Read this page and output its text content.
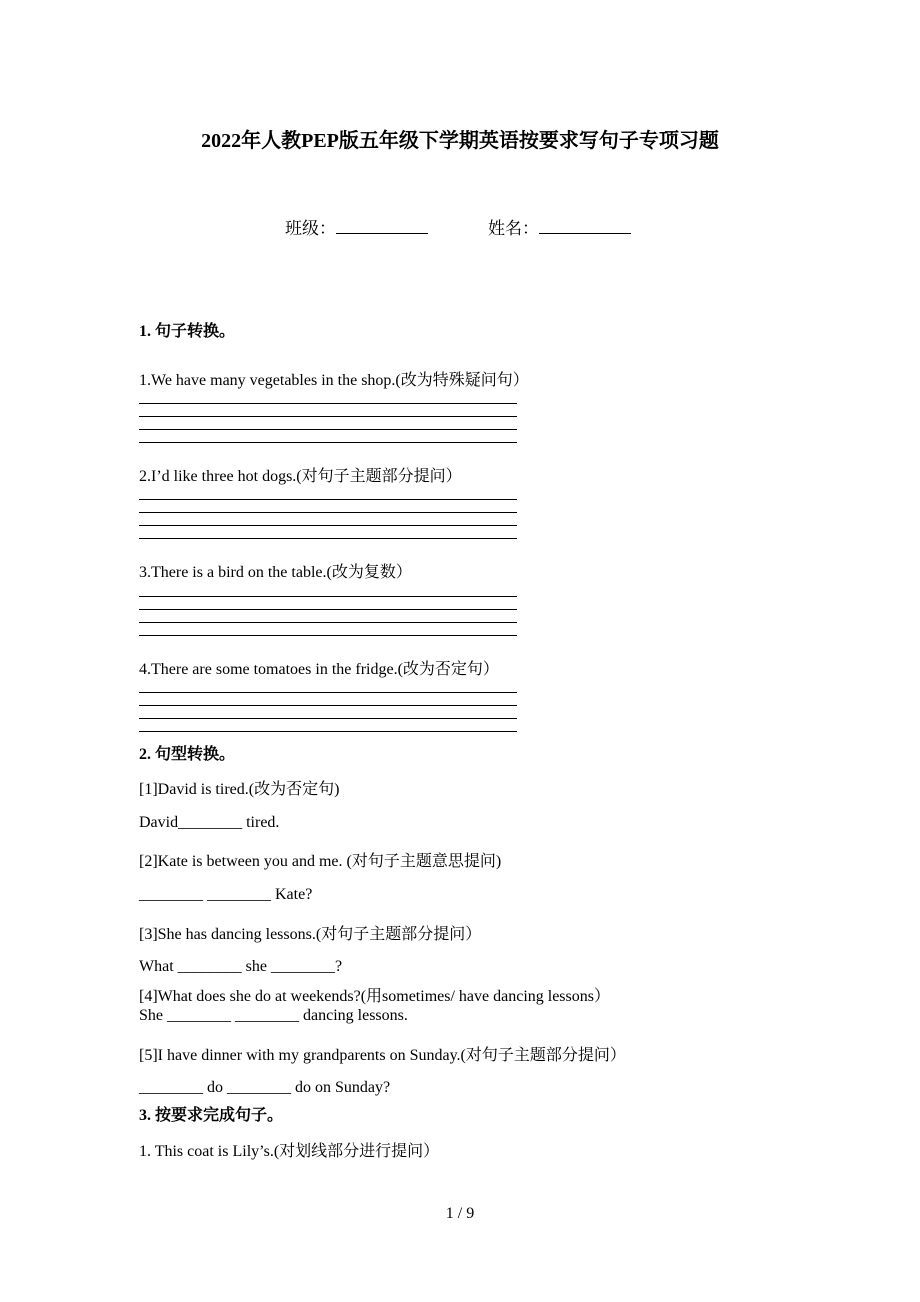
2022年人教PEP版五年级下学期英语按要求写句子专项习题
班级：	姓名：
1. 句子转换。
1.We have many vegetables in the shop.(改为特殊疑问句）
2.I’d like three hot dogs.(对句子主题部分提问）
3.There is a bird on the table.(改为复数）
4.There are some tomatoes in the fridge.(改为否定句）
2. 句型转换。
[1]David is tired.(改为否定句)
David________ tired.
[2]Kate is between you and me. (对句子主题意思提问)
________ ________ Kate?
[3]She has dancing lessons.(对句子主题部分提问）
What ________ she ________?
[4]What does she do at weekends?(用sometimes/ have dancing lessons）
She ________ ________ dancing lessons.
[5]I have dinner with my grandparents on Sunday.(对句子主题部分提问）
________ do ________ do on Sunday?
3. 按要求完成句子。
1. This coat is Lily’s.(对划线部分进行提问）
1 / 9
